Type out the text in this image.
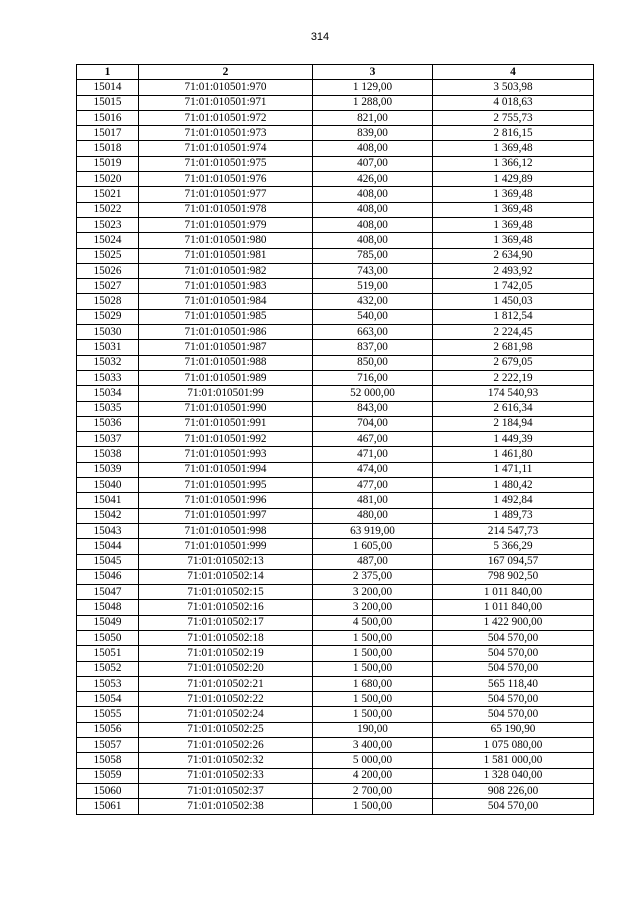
314
1	2	3	4
15014	71:01:010501:970	1 129,00	3 503,98
15015	71:01:010501:971	1 288,00	4 018,63
15016	71:01:010501:972	821,00	2 755,73
15017	71:01:010501:973	839,00	2 816,15
15018	71:01:010501:974	408,00	1 369,48
15019	71:01:010501:975	407,00	1 366,12
15020	71:01:010501:976	426,00	1 429,89
15021	71:01:010501:977	408,00	1 369,48
15022	71:01:010501:978	408,00	1 369,48
15023	71:01:010501:979	408,00	1 369,48
15024	71:01:010501:980	408,00	1 369,48
15025	71:01:010501:981	785,00	2 634,90
15026	71:01:010501:982	743,00	2 493,92
15027	71:01:010501:983	519,00	1 742,05
15028	71:01:010501:984	432,00	1 450,03
15029	71:01:010501:985	540,00	1 812,54
15030	71:01:010501:986	663,00	2 224,45
15031	71:01:010501:987	837,00	2 681,98
15032	71:01:010501:988	850,00	2 679,05
15033	71:01:010501:989	716,00	2 222,19
15034	71:01:010501:99	52 000,00	174 540,93
15035	71:01:010501:990	843,00	2 616,34
15036	71:01:010501:991	704,00	2 184,94
15037	71:01:010501:992	467,00	1 449,39
15038	71:01:010501:993	471,00	1 461,80
15039	71:01:010501:994	474,00	1 471,11
15040	71:01:010501:995	477,00	1 480,42
15041	71:01:010501:996	481,00	1 492,84
15042	71:01:010501:997	480,00	1 489,73
15043	71:01:010501:998	63 919,00	214 547,73
15044	71:01:010501:999	1 605,00	5 366,29
15045	71:01:010502:13	487,00	167 094,57
15046	71:01:010502:14	2 375,00	798 902,50
15047	71:01:010502:15	3 200,00	1 011 840,00
15048	71:01:010502:16	3 200,00	1 011 840,00
15049	71:01:010502:17	4 500,00	1 422 900,00
15050	71:01:010502:18	1 500,00	504 570,00
15051	71:01:010502:19	1 500,00	504 570,00
15052	71:01:010502:20	1 500,00	504 570,00
15053	71:01:010502:21	1 680,00	565 118,40
15054	71:01:010502:22	1 500,00	504 570,00
15055	71:01:010502:24	1 500,00	504 570,00
15056	71:01:010502:25	190,00	65 190,90
15057	71:01:010502:26	3 400,00	1 075 080,00
15058	71:01:010502:32	5 000,00	1 581 000,00
15059	71:01:010502:33	4 200,00	1 328 040,00
15060	71:01:010502:37	2 700,00	908 226,00
15061	71:01:010502:38	1 500,00	504 570,00
